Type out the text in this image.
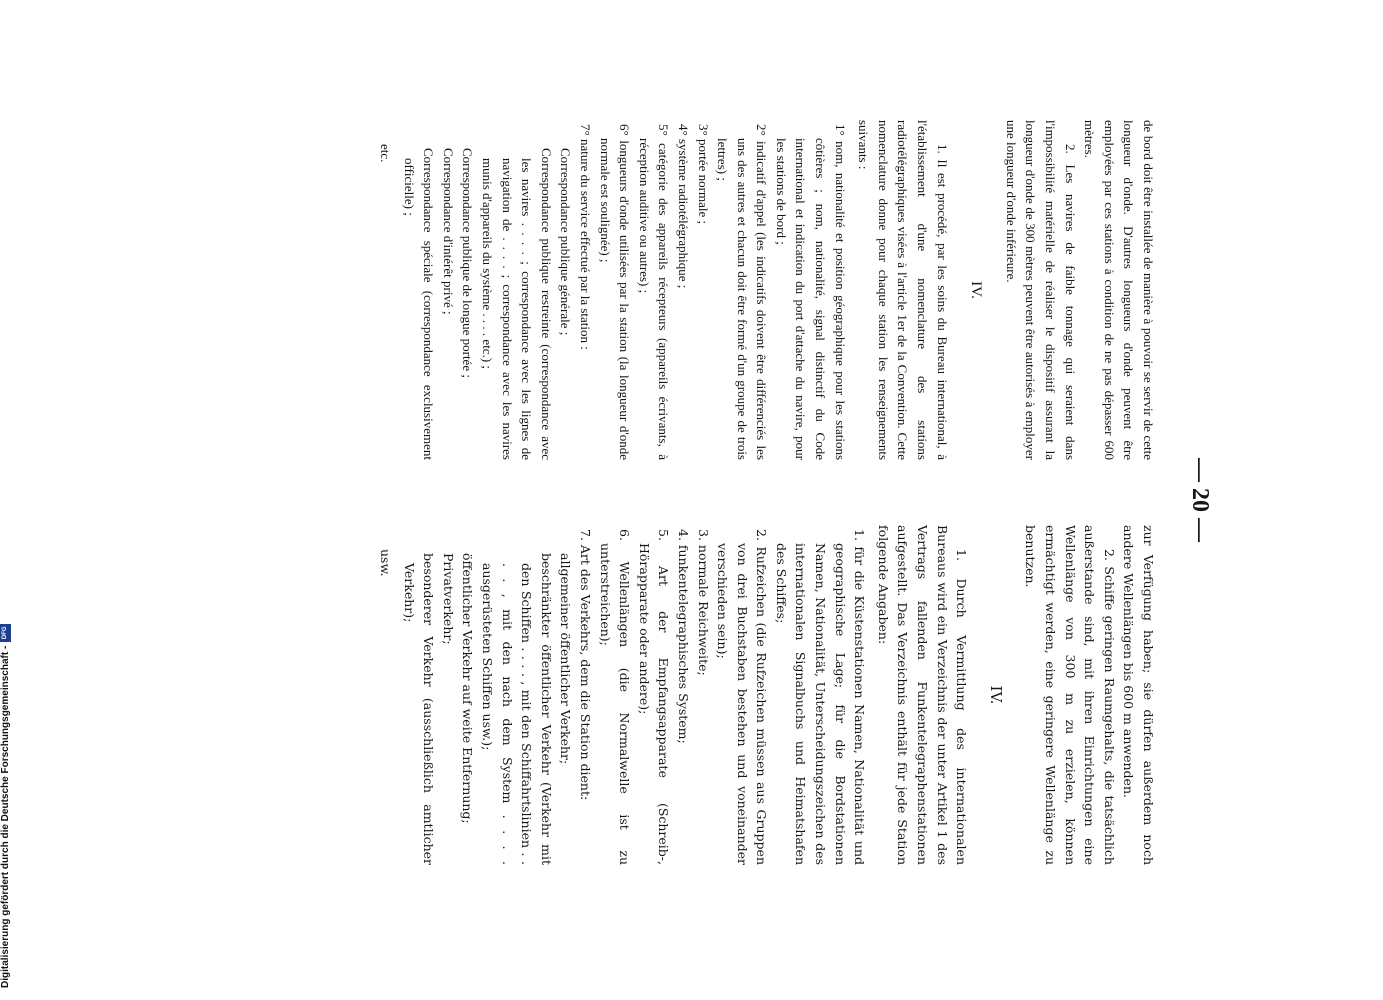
— 20 —

de bord doit être installée de manière à pouvoir se servir de cette longueur d'onde. D'autres longueurs d'onde peuvent être employées par ces stations à condition de ne pas dépasser 600 mètres.

2. Les navires de faible tonnage qui seraient dans l'impossibilité matérielle de réaliser le dispositif assurant la longueur d'onde de 300 mètres peuvent être autorisés à employer une longueur d'onde inférieure.

IV.

1. Il est procédé, par les soins du Bureau international, à l'établissement d'une nomenclature des stations radiotélégraphiques visées à l'article 1er de la Convention. Cette nomenclature donne pour chaque station les renseignements suivants :

1° nom, nationalité et position géographique pour les stations côtières ; nom, nationalité, signal distinctif du Code international et indication du port d'attache du navire, pour les stations de bord ;

2° indicatif d'appel (les indicatifs doivent être différenciés les uns des autres et chacun doit être formé d'un groupe de trois lettres) ;

3° portée normale ;

4° système radiotélégraphique ;

5° catégorie des appareils récepteurs (appareils écrivants, à réception auditive ou autres) ;

6° longueurs d'onde utilisées par la station (la longueur d'onde normale est soulignée) ;

7° nature du service effectué par la station :

Correspondance publique générale ;

Correspondance publique restreinte (correspondance avec les navires . . . . ; correspondance avec les lignes de navigation de . . . . ; correspondance avec les navires munis d'appareils du système . . . . etc.) ;

Correspondance publique de longue portée ;

Correspondance d'intérêt privé ;

Correspondance spéciale (correspondance exclusivement officielle) ;

etc.

zur Verfügung haben; sie dürfen außerdem noch andere Wellenlängen bis 600 m anwenden.

2. Schiffe geringen Raumgehalts, die tatsächlich außerstande sind, mit ihren Einrichtungen eine Wellenlänge von 300 m zu erzielen, können ermächtigt werden, eine geringere Wellenlänge zu benutzen.

IV.

1. Durch Vermittlung des internationalen Bureaus wird ein Verzeichnis der unter Artikel 1 des Vertrags fallenden Funkentelegraphenstationen aufgestellt. Das Verzeichnis enthält für jede Station folgende Angaben:

1. für die Küstenstationen Namen, Nationalität und geographische Lage; für die Bordstationen Namen, Nationalität, Unterscheidungszeichen des internationalen Signalbuchs und Heimatshafen des Schiffes;

2. Rufzeichen (die Rufzeichen müssen aus Gruppen von drei Buchstaben bestehen und voneinander verschieden sein);

3. normale Reichweite;

4. funkentelegraphisches System;

5. Art der Empfangsapparate (Schreib-, Hörapparate oder andere);

6. Wellenlängen (die Normalwelle ist zu unterstreichen);

7. Art des Verkehrs, dem die Station dient:

allgemeiner öffentlicher Verkehr;

beschränkter öffentlicher Verkehr (Verkehr mit den Schiffen . . . . , mit den Schiffahrtslinien . . . . , mit den nach dem System . . . . ausgerüsteten Schiffen usw.);

öffentlicher Verkehr auf weite Entfernung;

Privatverkehr;

besonderer Verkehr (ausschließlich amtlicher Verkehr);

usw.

Digitalisierung gefördert durch die Deutsche Forschungsgemeinschaft -
DFG
